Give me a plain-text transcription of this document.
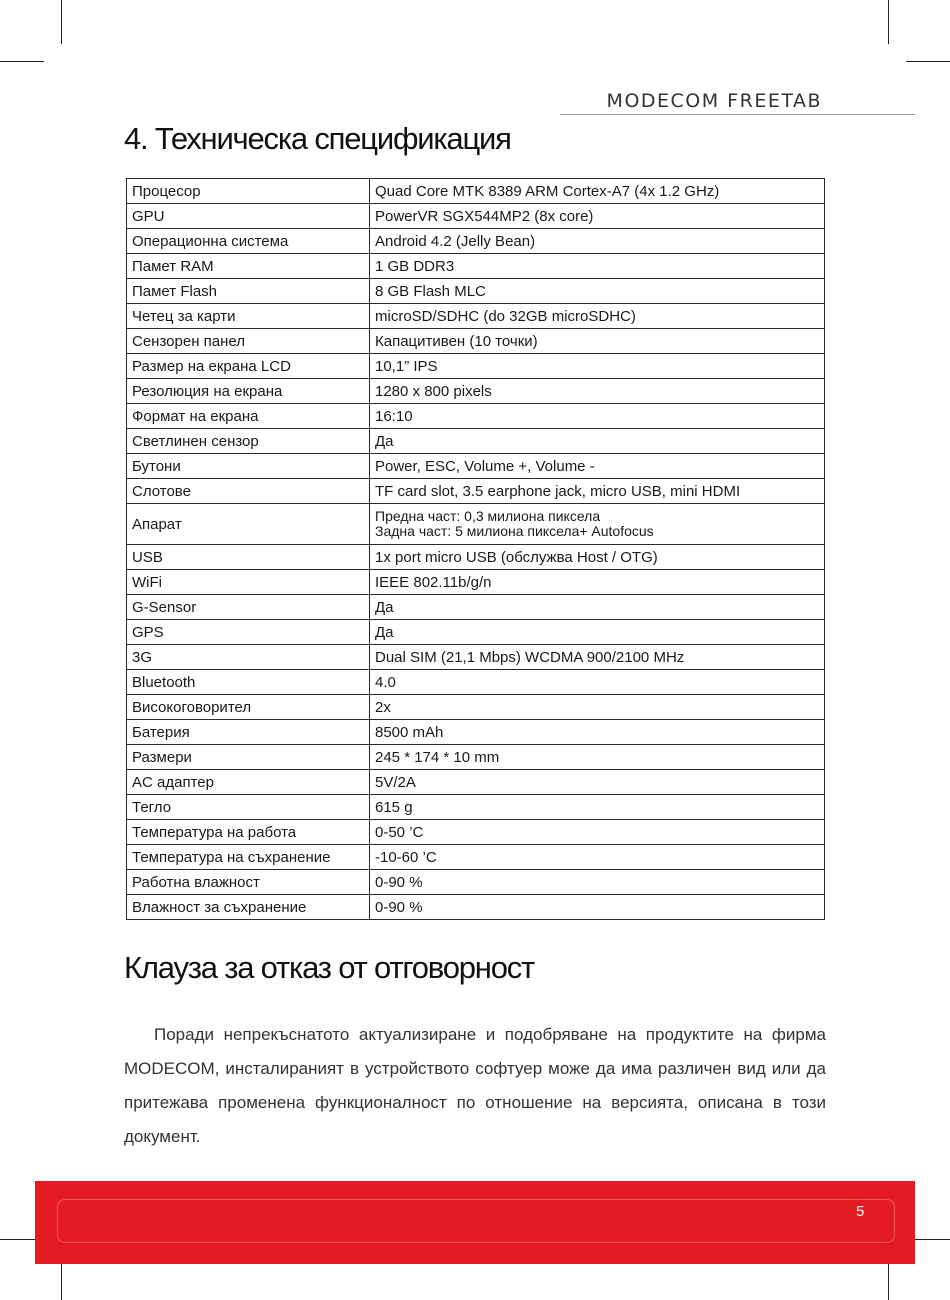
MODECOM FREETAB
4. Техническа спецификация
Процесор	Quad Core MTK 8389 ARM Cortex-A7 (4x 1.2 GHz)
GPU	PowerVR SGX544MP2 (8x core)
Операционна система	Android 4.2 (Jelly Bean)
Памет RAM	1 GB DDR3
Памет Flash	8 GB Flash MLC
Четец за карти	microSD/SDHC (do 32GB microSDHC)
Сензорен панел	Капацитивен (10 точки)
Размер на екрана LCD	10,1” IPS
Резолюция на екрана	1280 x 800 pixels
Формат на екрана	16:10
Светлинен сензор	Да
Бутони	Power, ESC, Volume +, Volume -
Слотове	TF card slot, 3.5 earphone jack, micro USB, mini HDMI
Апарат	Предна част: 0,3 милиона пиксела
Задна част: 5 милиона пиксела+ Autofocus

USB	1x port micro USB (обслужва Host / OTG)
WiFi	IEEE 802.11b/g/n
G-Sensor	Да
GPS	Да
3G	Dual SIM (21,1 Mbps) WCDMA 900/2100 MHz
Bluetooth	4.0
Високоговорител	2x
Батерия	8500 mAh
Размери	245 * 174 * 10 mm
AC адаптер	5V/2A
Тегло	615 g
Температура на работа	0-50 ’C
Температура на съхранение	-10-60 ’C
Работна влажност	0-90 %
Влажност за съхранение	0-90 %
Клауза за отказ от отговорност

Поради непрекъснатото актуализиране и подобряване на продуктите на фирма MODECOM, инсталираният в устройството софтуер може да има различен вид или да притежава променена функционалност по отношение на версията, описана в този документ.

5
